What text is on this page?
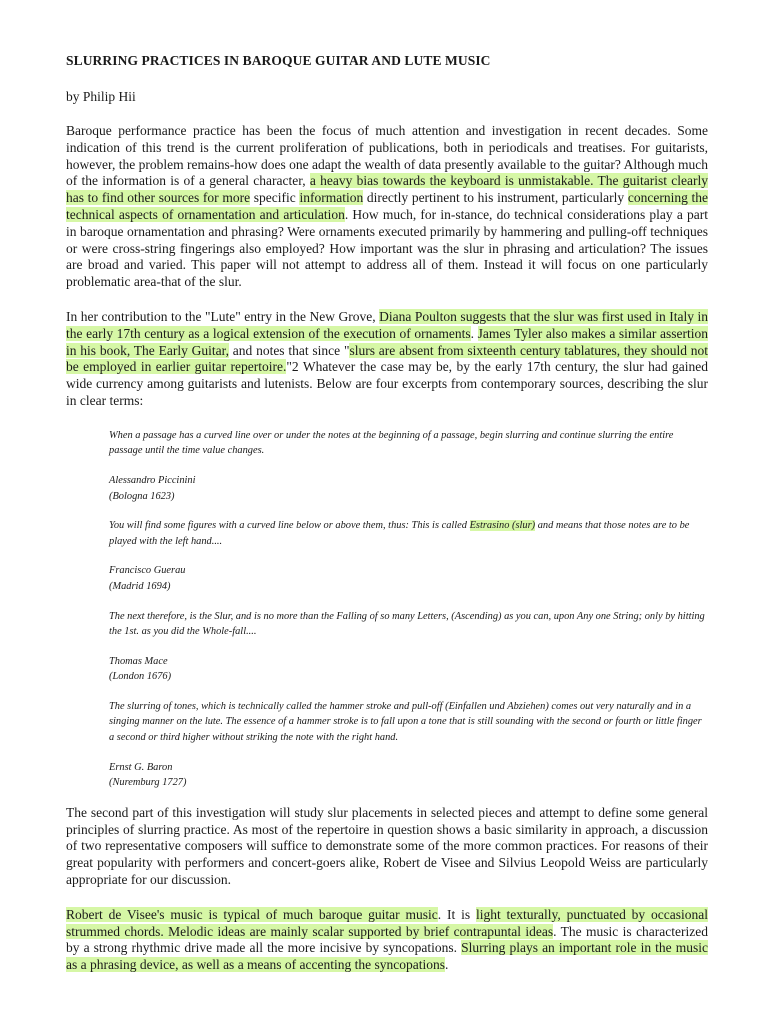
SLURRING PRACTICES IN BAROQUE GUITAR AND LUTE MUSIC
by Philip Hii
Baroque performance practice has been the focus of much attention and investigation in recent decades. Some indication of this trend is the current proliferation of publications, both in periodicals and treatises. For guitarists, however, the problem remains-how does one adapt the wealth of data presently available to the guitar? Although much of the information is of a general character, a heavy bias towards the keyboard is unmistakable. The guitarist clearly has to find other sources for more specific information directly pertinent to his instrument, particularly concerning the technical aspects of ornamentation and articulation. How much, for in-stance, do technical considerations play a part in baroque ornamentation and phrasing? Were ornaments executed primarily by hammering and pulling-off techniques or were cross-string fingerings also employed? How important was the slur in phrasing and articulation? The issues are broad and varied. This paper will not attempt to address all of them. Instead it will focus on one particularly problematic area-that of the slur.
In her contribution to the "Lute" entry in the New Grove, Diana Poulton suggests that the slur was first used in Italy in the early 17th century as a logical extension of the execution of ornaments. James Tyler also makes a similar assertion in his book, The Early Guitar, and notes that since "slurs are absent from sixteenth century tablatures, they should not be employed in earlier guitar repertoire."2 Whatever the case may be, by the early 17th century, the slur had gained wide currency among guitarists and lutenists. Below are four excerpts from contemporary sources, describing the slur in clear terms:
When a passage has a curved line over or under the notes at the beginning of a passage, begin slurring and continue slurring the entire passage until the time value changes.
Alessandro Piccinini
(Bologna 1623)
You will find some figures with a curved line below or above them, thus: This is called Estrasino (slur) and means that those notes are to be played with the left hand....
Francisco Guerau
(Madrid 1694)
The next therefore, is the Slur, and is no more than the Falling of so many Letters, (Ascending) as you can, upon Any one String; only by hitting the 1st. as you did the Whole-fall....
Thomas Mace
(London 1676)
The slurring of tones, which is technically called the hammer stroke and pull-off (Einfallen und Abziehen) comes out very naturally and in a singing manner on the lute. The essence of a hammer stroke is to fall upon a tone that is still sounding with the second or fourth or little finger a second or third higher without striking the note with the right hand.
Ernst G. Baron
(Nuremburg 1727)
The second part of this investigation will study slur placements in selected pieces and attempt to define some general principles of slurring practice. As most of the repertoire in question shows a basic similarity in approach, a discussion of two representative composers will suffice to demonstrate some of the more common practices. For reasons of their great popularity with performers and concert-goers alike, Robert de Visee and Silvius Leopold Weiss are particularly appropriate for our discussion.
Robert de Visee's music is typical of much baroque guitar music. It is light texturally, punctuated by occasional strummed chords. Melodic ideas are mainly scalar supported by brief contrapuntal ideas. The music is characterized by a strong rhythmic drive made all the more incisive by syncopations. Slurring plays an important role in the music as a phrasing device, as well as a means of accenting the syncopations.
